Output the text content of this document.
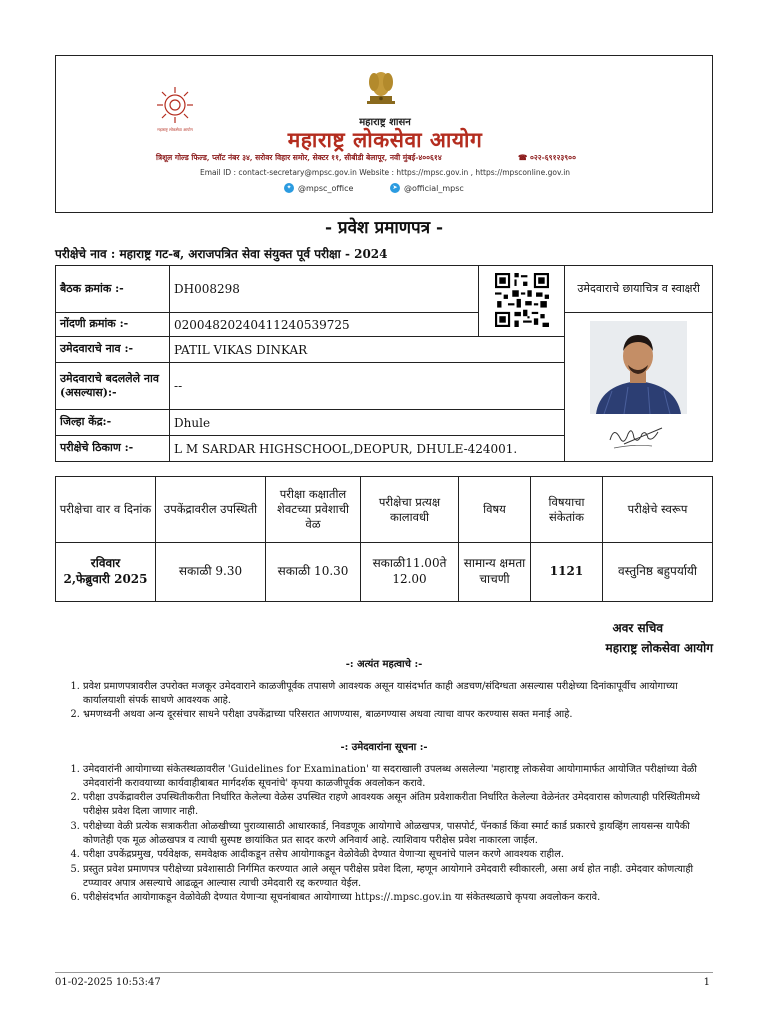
महाराष्ट्र लोकसेवा आयोग
महाराष्ट्र शासन
महाराष्ट्र लोकसेवा आयोग
त्रिशूल गोल्ड फिल्ड, प्लॉट नंबर ३४, सरोवर विहार समोर, सेक्टर ११, सीबीडी बेलापूर, नवी मुंबई-४००६१४	☎ ०२२-६९१२३९००
Email ID : contact-secretary@mpsc.gov.in Website : https://mpsc.gov.in , https://mpsconline.gov.in
✦ @mpsc_office	➤ @official_mpsc
- प्रवेश प्रमाणपत्र -
परीक्षेचे नाव : महाराष्ट्र गट-ब, अराजपत्रित सेवा संयुक्त पूर्व परीक्षा - 2024
बैठक क्रमांक :-	DH008298		उमेदवाराचे छायाचित्र व स्वाक्षरी
नोंदणी क्रमांक :-	0200482024041124053972​5	

उमेदवाराचे नाव :-	PATIL VIKAS DINKAR		
उमेदवाराचे बदललेले नाव (असल्यास):-	--		
जिल्हा केंद्र:-	Dhule		
परीक्षेचे ठिकाण :-	L M SARDAR HIGHSCHOOL,DEOPUR, DHULE-424001.		
परीक्षेचा वार व दिनांक	उपकेंद्रावरील उपस्थिती	परीक्षा कक्षातील शेवटच्या प्रवेशाची वेळ	परीक्षेचा प्रत्यक्ष कालावधी	विषय	विषयाचा संकेतांक	परीक्षेचे स्वरूप

रविवार
2,फेब्रुवारी 2025	सकाळी 9.30	सकाळी 10.30	सकाळी11.00ते 12.00	सामान्य क्षमता चाचणी	1121	वस्तुनिष्ठ बहुपर्यायी
अवर सचिव
महाराष्ट्र लोकसेवा आयोग
-: अत्यंत महत्वाचे :-
1. प्रवेश प्रमाणपत्रावरील उपरोक्त मजकूर उमेदवाराने काळजीपूर्वक तपासणे आवश्यक असून यासंदर्भात काही अडचण/संदिग्धता असल्यास परीक्षेच्या दिनांकापूर्वीच आयोगाच्या कार्यालयाशी संपर्क साधणे आवश्यक आहे.
2. भ्रमणध्वनी अथवा अन्य दूरसंचार साधने परीक्षा उपकेंद्राच्या परिसरात आणण्यास, बाळगण्यास अथवा त्याचा वापर करण्यास सक्त मनाई आहे.
-: उमेदवारांना सूचना :-
1. उमेदवारांनी आयोगाच्या संकेतस्थळावरील 'Guidelines for Examination' या सदराखाली उपलब्ध असलेल्या 'महाराष्ट्र लोकसेवा आयोगामार्फत आयोजित परीक्षांच्या वेळी उमेदवारांनी करावयाच्या कार्यवाहीबाबत मार्गदर्शक सूचनांचे' कृपया काळजीपूर्वक अवलोकन करावे.
2. परीक्षा उपकेंद्रावरील उपस्थितीकरीता निर्धारित केलेल्या वेळेस उपस्थित राहणे आवश्यक असून अंतिम प्रवेशाकरीता निर्धारित केलेल्या वेळेनंतर उमेदवारास कोणत्याही परिस्थितीमध्ये परीक्षेस प्रवेश दिला जाणार नाही.
3. परीक्षेच्या वेळी प्रत्येक सत्राकरीता ओळखीच्या पुराव्यासाठी आधारकार्ड, निवडणूक आयोगाचे ओळखपत्र, पासपोर्ट, पॅनकार्ड किंवा स्मार्ट कार्ड प्रकारचे ड्रायव्हिंग लायसन्स यापैकी कोणतेही एक मूळ ओळखपत्र व त्याची सुस्पष्ट छायांकित प्रत सादर करणे अनिवार्य आहे. त्याशिवाय परीक्षेस प्रवेश नाकारला जाईल.
4. परीक्षा उपकेंद्रप्रमुख, पर्यवेक्षक, समवेक्षक आदीकडून तसेच आयोगाकडून वेळोवेळी देण्यात येणाऱ्या सूचनांचे पालन करणे आवश्यक राहील.
5. प्रस्तुत प्रवेश प्रमाणपत्र परीक्षेच्या प्रवेशासाठी निर्गमित करण्यात आले असून परीक्षेस प्रवेश दिला, म्हणून आयोगाने उमेदवारी स्वीकारली, असा अर्थ होत नाही. उमेदवार कोणत्याही टप्प्यावर अपात्र असल्याचे आढळून आल्यास त्याची उमेदवारी रद्द करण्यात येईल.
6. परीक्षेसंदर्भात आयोगाकडून वेळोवेळी देण्यात येणाऱ्या सूचनांबाबत आयोगाच्या https://.mpsc.gov.in या संकेतस्थळाचे कृपया अवलोकन करावे.
01-02-2025 10:53:47	1
